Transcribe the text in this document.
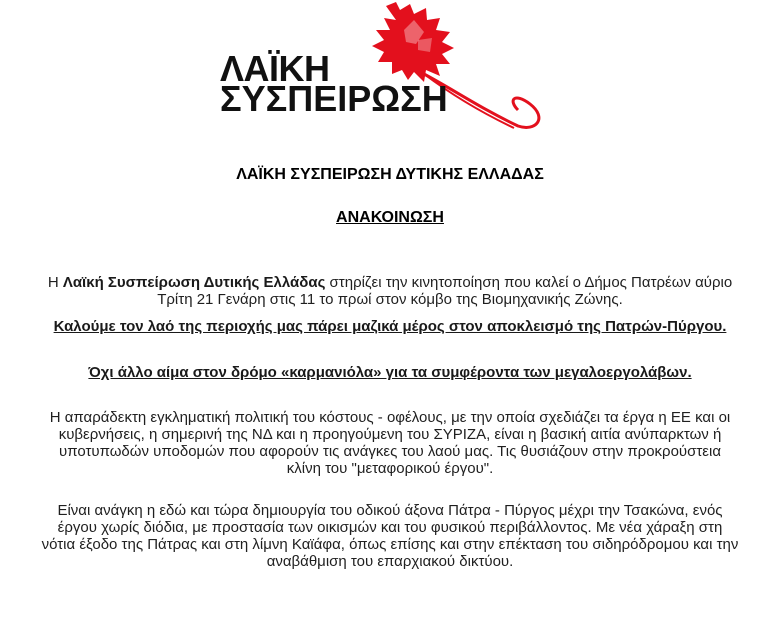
ΛΑΪΚΗ
ΣΥΣΠΕΙΡΩΣΗ
ΛΑΪΚΗ ΣΥΣΠΕΙΡΩΣΗ ΔΥΤΙΚΗΣ ΕΛΛΑΔΑΣ
ΑΝΑΚΟΙΝΩΣΗ
Η Λαϊκή Συσπείρωση Δυτικής Ελλάδας στηρίζει την κινητοποίηση που καλεί ο Δήμος Πατρέων αύριο Τρίτη 21 Γενάρη στις 11 το πρωί στον κόμβο της Βιομηχανικής Ζώνης.
Καλούμε τον λαό της περιοχής μας πάρει μαζικά μέρος στον αποκλεισμό της Πατρών-Πύργου.
Όχι άλλο αίμα στον δρόμο «καρμανιόλα» για τα συμφέροντα των μεγαλοεργολάβων.
Η απαράδεκτη εγκληματική πολιτική του κόστους - οφέλους, με την οποία σχεδιάζει τα έργα η ΕΕ και οι κυβερνήσεις, η σημερινή της ΝΔ και η προηγούμενη του ΣΥΡΙΖΑ, είναι η βασική αιτία ανύπαρκτων ή υποτυπωδών υποδομών που αφορούν τις ανάγκες του λαού μας. Τις θυσιάζουν στην προκρούστεια κλίνη του "μεταφορικού έργου".
Είναι ανάγκη η εδώ και τώρα δημιουργία του οδικού άξονα Πάτρα - Πύργος μέχρι την Τσακώνα, ενός έργου χωρίς διόδια, με προστασία των οικισμών και του φυσικού περιβάλλοντος. Με νέα χάραξη στη νότια έξοδο της Πάτρας και στη λίμνη Καϊάφα, όπως επίσης και στην επέκταση του σιδηρόδρομου και την αναβάθμιση του επαρχιακού δικτύου.
